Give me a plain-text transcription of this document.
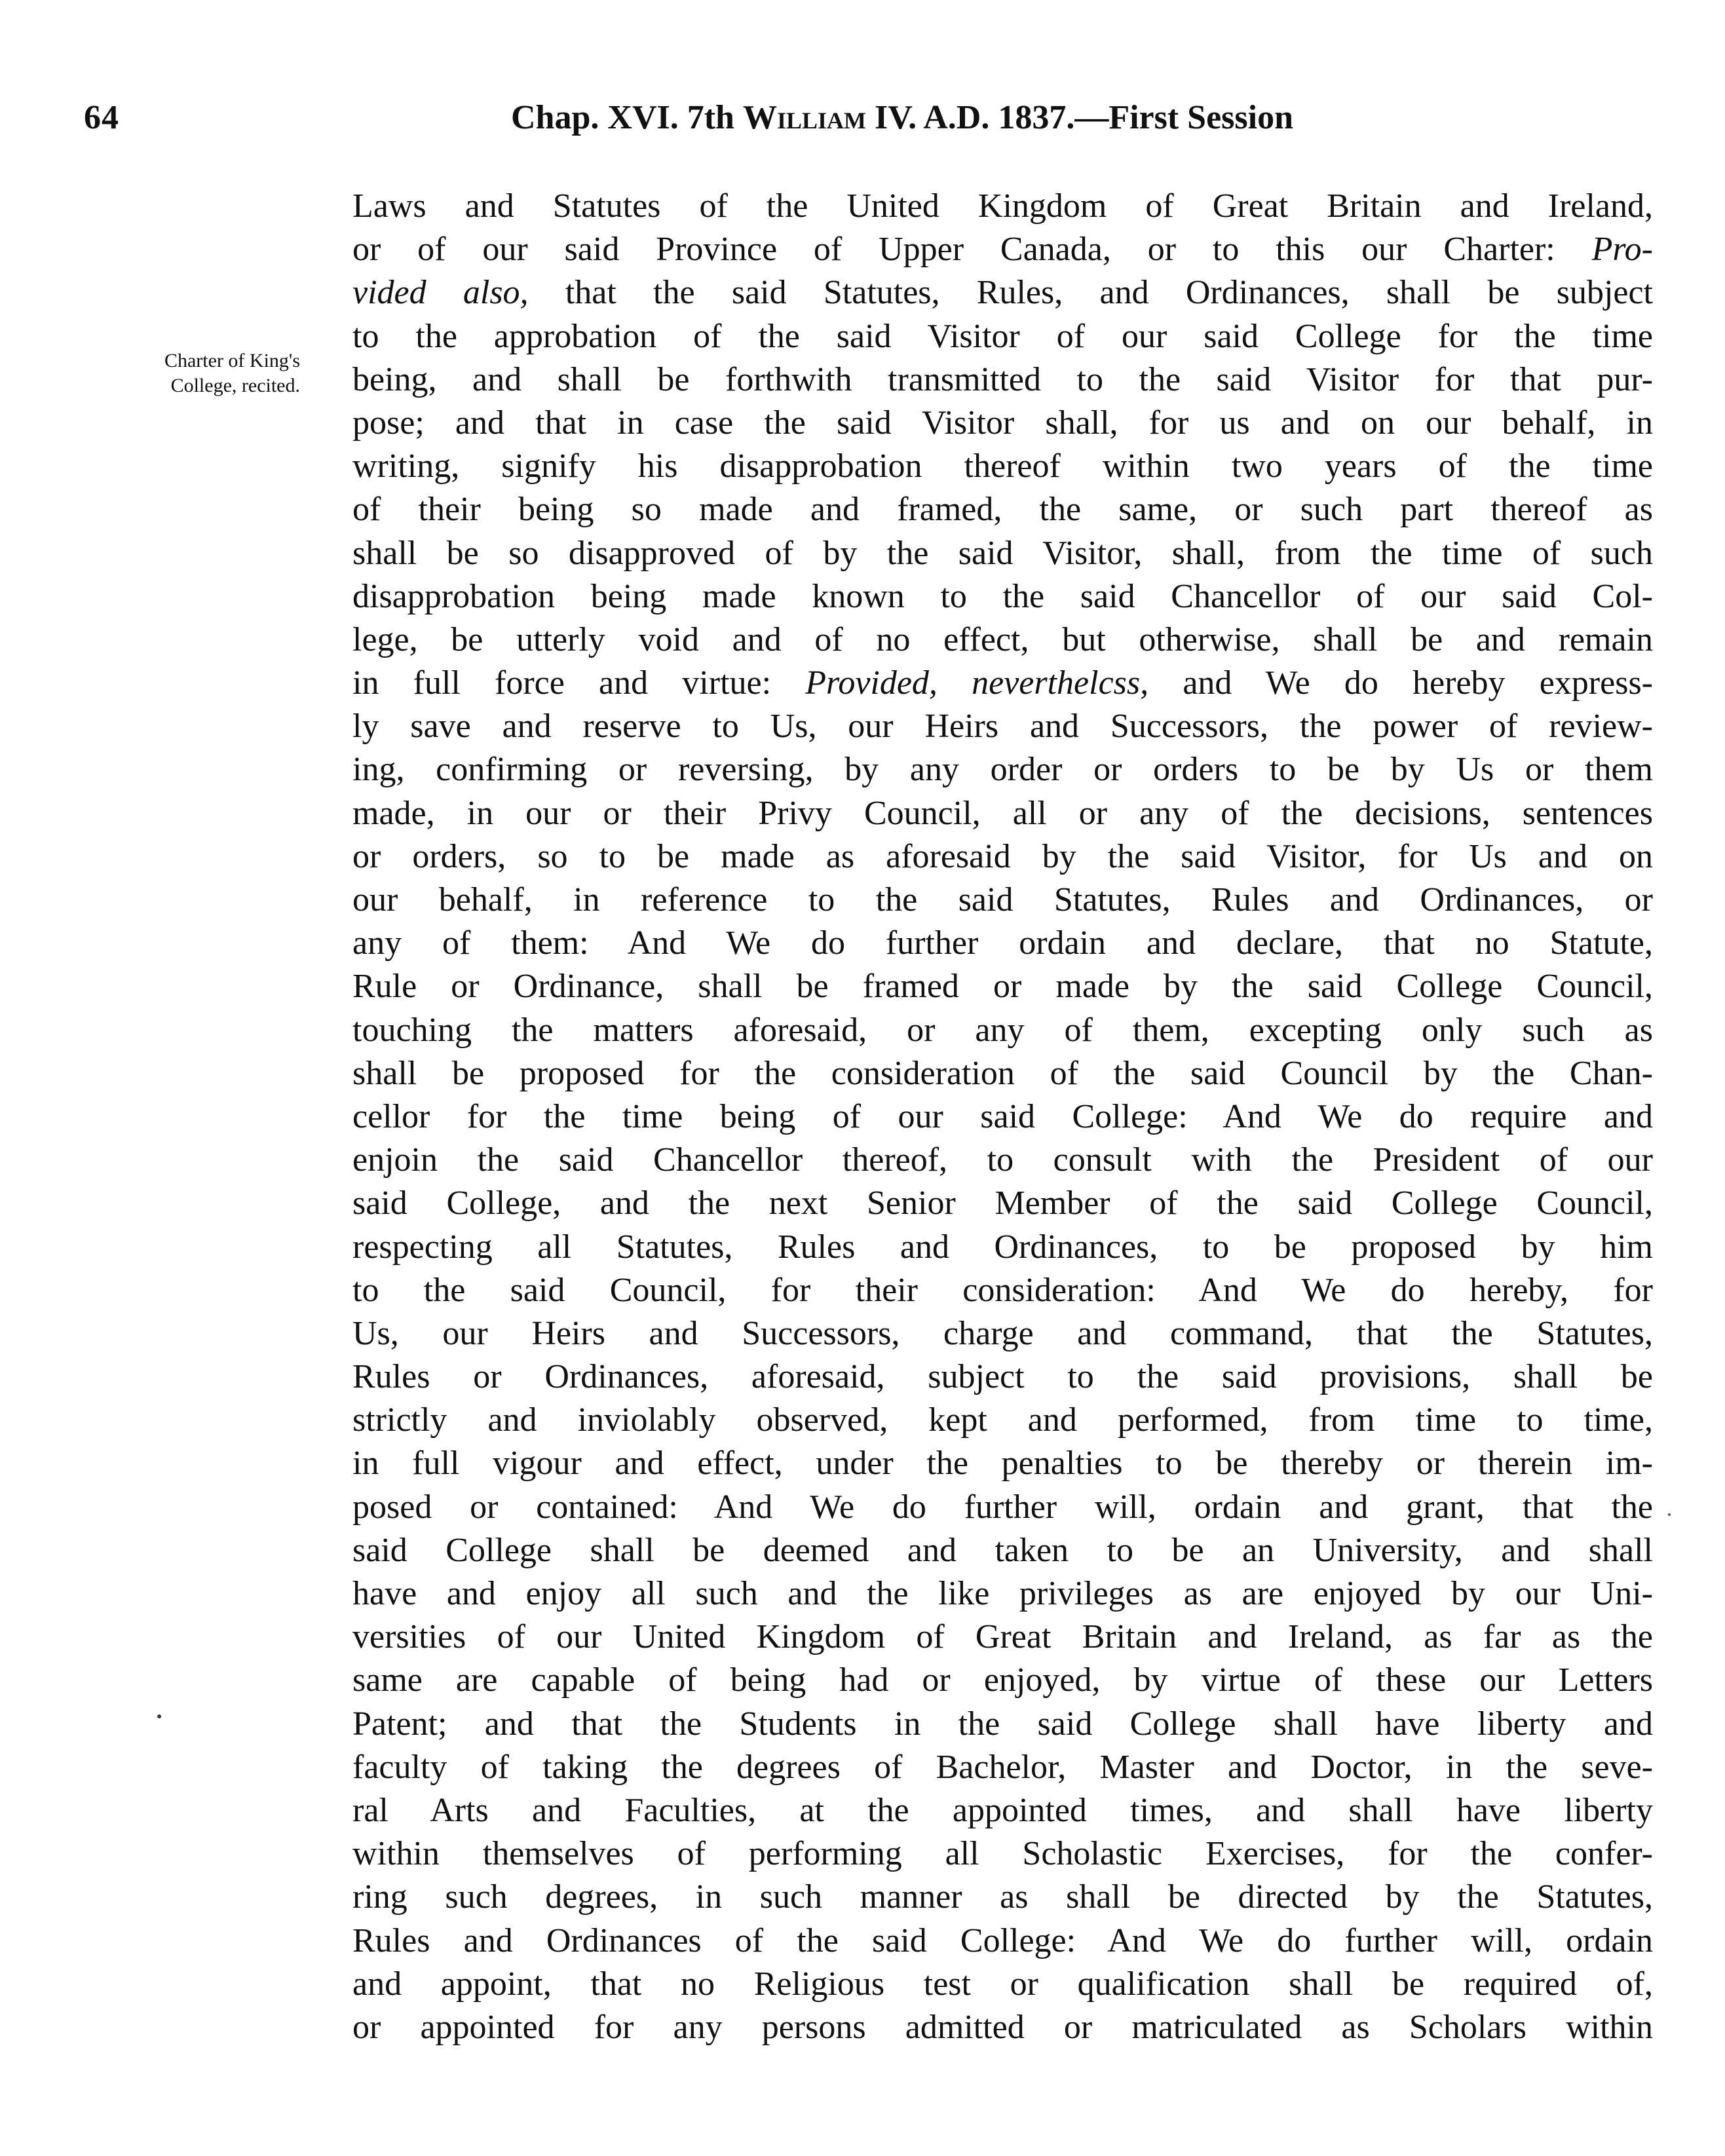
64	Chap. XVI. 7th William IV. A.D. 1837.—First Session
Charter of King's
College, recited.
Laws and Statutes of the United Kingdom of Great Britain and Ireland,
or of our said Province of Upper Canada, or to this our Charter: Pro-
vided also, that the said Statutes, Rules, and Ordinances, shall be subject
to the approbation of the said Visitor of our said College for the time
being, and shall be forthwith transmitted to the said Visitor for that pur-
pose; and that in case the said Visitor shall, for us and on our behalf, in
writing, signify his disapprobation thereof within two years of the time
of their being so made and framed, the same, or such part thereof as
shall be so disapproved of by the said Visitor, shall, from the time of such
disapprobation being made known to the said Chancellor of our said Col-
lege, be utterly void and of no effect, but otherwise, shall be and remain
in full force and virtue: Provided, neverthelcss, and We do hereby express-
ly save and reserve to Us, our Heirs and Successors, the power of review-
ing, confirming or reversing, by any order or orders to be by Us or them
made, in our or their Privy Council, all or any of the decisions, sentences
or orders, so to be made as aforesaid by the said Visitor, for Us and on
our behalf, in reference to the said Statutes, Rules and Ordinances, or
any of them: And We do further ordain and declare, that no Statute,
Rule or Ordinance, shall be framed or made by the said College Council,
touching the matters aforesaid, or any of them, excepting only such as
shall be proposed for the consideration of the said Council by the Chan-
cellor for the time being of our said College: And We do require and
enjoin the said Chancellor thereof, to consult with the President of our
said College, and the next Senior Member of the said College Council,
respecting all Statutes, Rules and Ordinances, to be proposed by him
to the said Council, for their consideration: And We do hereby, for
Us, our Heirs and Successors, charge and command, that the Statutes,
Rules or Ordinances, aforesaid, subject to the said provisions, shall be
strictly and inviolably observed, kept and performed, from time to time,
in full vigour and effect, under the penalties to be thereby or therein im-
posed or contained: And We do further will, ordain and grant, that the
said College shall be deemed and taken to be an University, and shall
have and enjoy all such and the like privileges as are enjoyed by our Uni-
versities of our United Kingdom of Great Britain and Ireland, as far as the
same are capable of being had or enjoyed, by virtue of these our Letters
Patent; and that the Students in the said College shall have liberty and
faculty of taking the degrees of Bachelor, Master and Doctor, in the seve-
ral Arts and Faculties, at the appointed times, and shall have liberty
within themselves of performing all Scholastic Exercises, for the confer-
ring such degrees, in such manner as shall be directed by the Statutes,
Rules and Ordinances of the said College: And We do further will, ordain
and appoint, that no Religious test or qualification shall be required of,
or appointed for any persons admitted or matriculated as Scholars within
